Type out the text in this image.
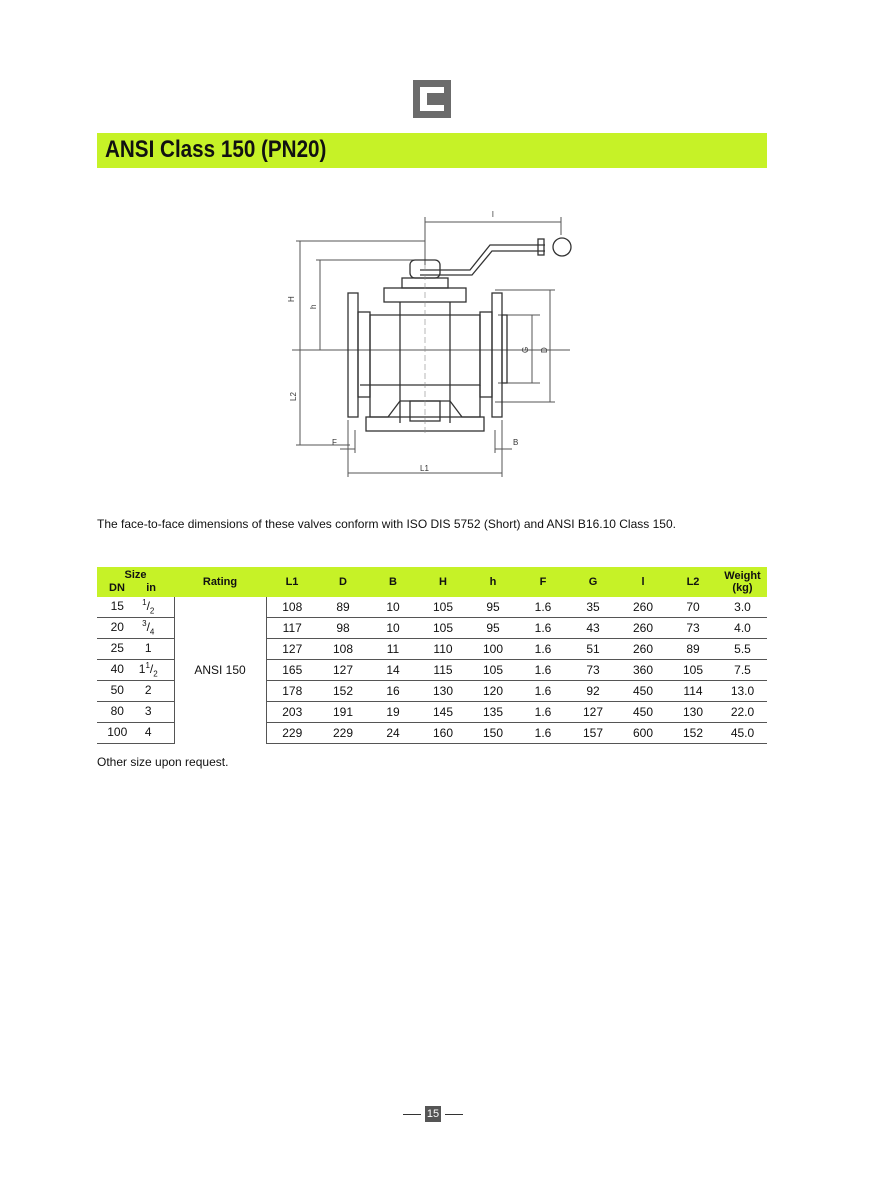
ANSI Class 150 (PN20)
l
H
h
G D
L2
F	B
L1
The face-to-face dimensions of these valves conform with ISO DIS 5752 (Short) and ANSI B16.10 Class 150.
Size
DN in	Rating	L1	D	B	H	h	F	G	l	L2	Weight
(kg)

15 $^1/_2$	ANSI 150	108	89	10	105	95	1.6	35	260	70	3.0
20 $^3/_4$		117	98	10	105	95	1.6	43	260	73	4.0
25 1		127	108	11	110	100	1.6	51	260	89	5.5
40 $1^1/_2$		165	127	14	115	105	1.6	73	360	105	7.5
50 2		178	152	16	130	120	1.6	92	450	114	13.0
80 3		203	191	19	145	135	1.6	127	450	130	22.0
100 4		229	229	24	160	150	1.6	157	600	152	45.0
Other size upon request.
15
